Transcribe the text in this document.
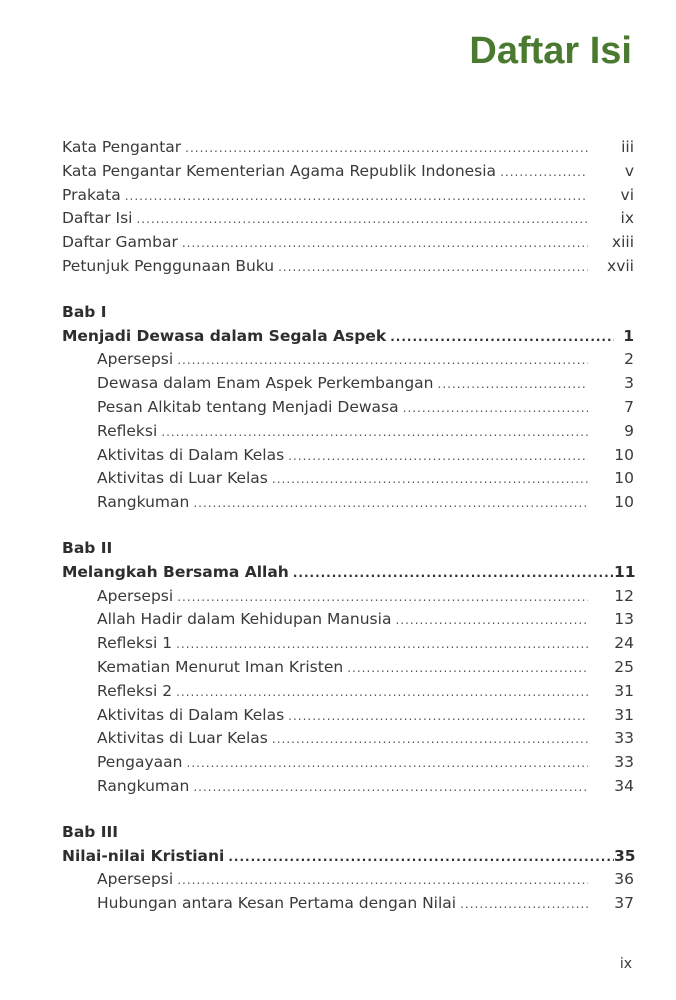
Daftar Isi
Kata Pengantar .....	iii
Kata Pengantar Kementerian Agama Republik Indonesia .....	v
Prakata .....	vi
Daftar Isi .....	ix
Daftar Gambar .....	xiii
Petunjuk Penggunaan Buku .....	xvii
Bab I
Menjadi Dewasa dalam Segala Aspek .....	1
Apersepsi .....	2
Dewasa dalam Enam Aspek Perkembangan .....	3
Pesan Alkitab tentang Menjadi Dewasa .....	7
Refleksi .....	9
Aktivitas di Dalam Kelas .....	10
Aktivitas di Luar Kelas .....	10
Rangkuman .....	10
Bab II
Melangkah Bersama Allah .....	11
Apersepsi .....	12
Allah Hadir dalam Kehidupan Manusia .....	13
Refleksi 1 .....	24
Kematian Menurut Iman Kristen .....	25
Refleksi 2 .....	31
Aktivitas di Dalam Kelas .....	31
Aktivitas di Luar Kelas .....	33
Pengayaan .....	33
Rangkuman .....	34
Bab III
Nilai-nilai Kristiani .....	35
Apersepsi .....	36
Hubungan antara Kesan Pertama dengan Nilai .....	37
ix
